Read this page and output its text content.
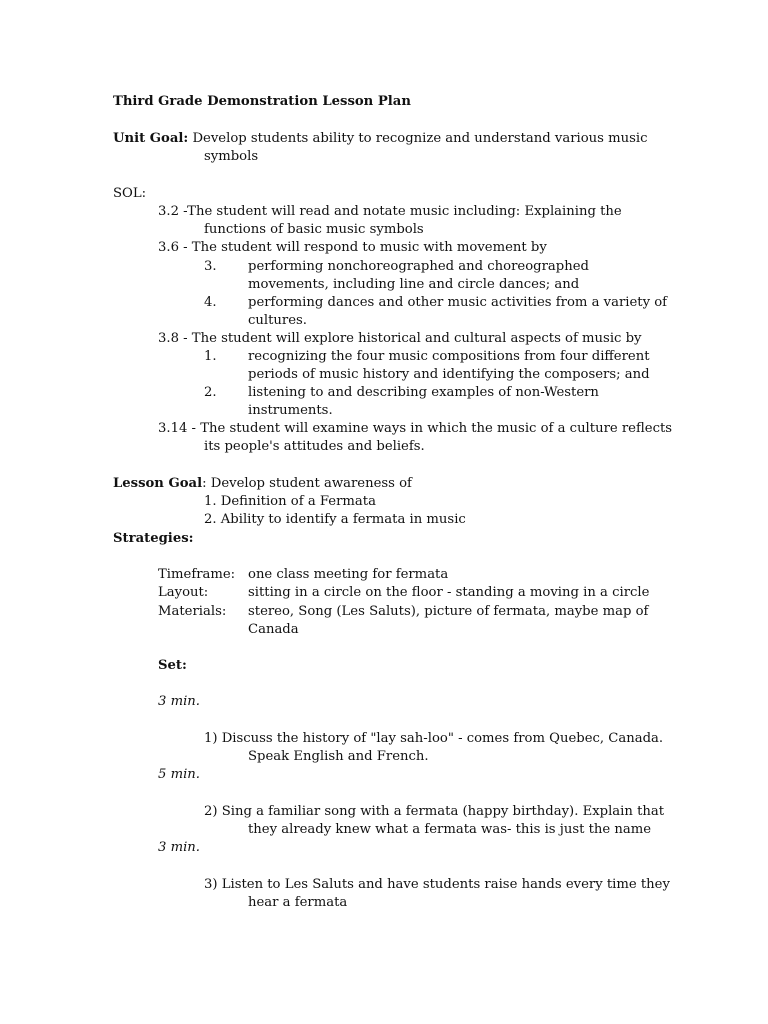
Third Grade Demonstration Lesson Plan
Unit Goal: Develop students ability to recognize and understand various music
symbols
SOL:
3.2 -The student will read and notate music including: Explaining the
functions of basic music symbols
3.6 - The student will respond to music with movement by
3. performing nonchoreographed and choreographed
movements, including line and circle dances; and
4. performing dances and other music activities from a variety of
cultures.
3.8 - The student will explore historical and cultural aspects of music by
1. recognizing the four music compositions from four different
periods of music history and identifying the composers; and
2. listening to and describing examples of non-Western
instruments.
3.14 - The student will examine ways in which the music of a culture reflects
its people's attitudes and beliefs.
Lesson Goal: Develop student awareness of
1. Definition of a Fermata
2. Ability to identify a fermata in music
Strategies:
Timeframe: one class meeting for fermata
Layout:	sitting in a circle on the floor - standing a moving in a circle
Materials: stereo, Song (Les Saluts), picture of fermata, maybe map of
Canada
Set:
3 min.
1) Discuss the history of "lay sah-loo" - comes from Quebec, Canada.
Speak English and French.
5 min.
2) Sing a familiar song with a fermata (happy birthday). Explain that
they already knew what a fermata was- this is just the name
3 min.
3) Listen to Les Saluts and have students raise hands every time they
hear a fermata
